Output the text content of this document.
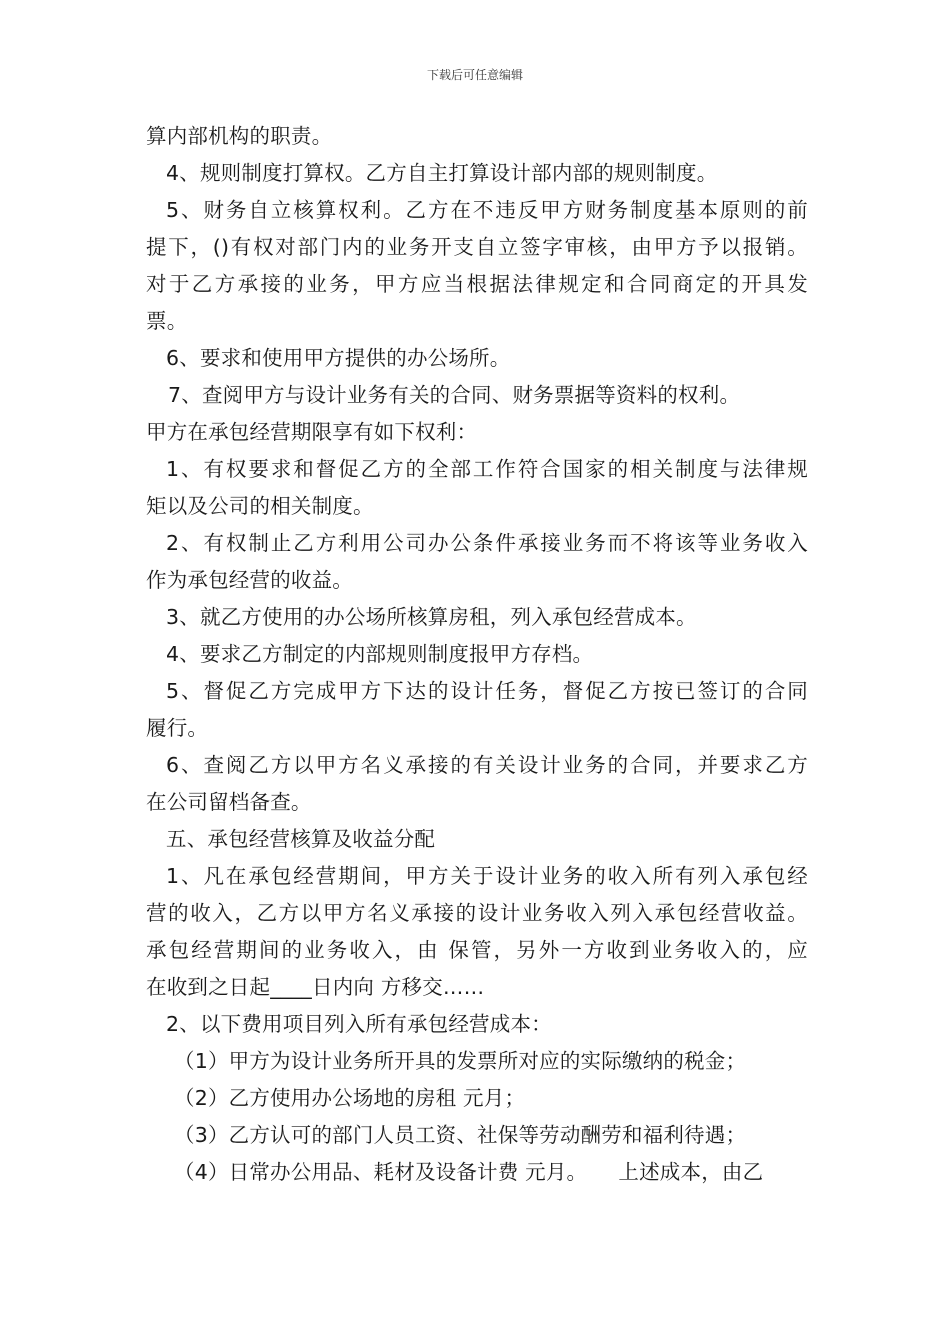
下载后可任意编辑
算内部机构的职责。
4、规则制度打算权。乙方自主打算设计部内部的规则制度。
5、财务自立核算权利。乙方在不违反甲方财务制度基本原则的前
提下，()有权对部门内的业务开支自立签字审核，由甲方予以报销。
对于乙方承接的业务，甲方应当根据法律规定和合同商定的开具发
票。
6、要求和使用甲方提供的办公场所。
7、查阅甲方与设计业务有关的合同、财务票据等资料的权利。
甲方在承包经营期限享有如下权利：
1、有权要求和督促乙方的全部工作符合国家的相关制度与法律规
矩以及公司的相关制度。
2、有权制止乙方利用公司办公条件承接业务而不将该等业务收入
作为承包经营的收益。
3、就乙方使用的办公场所核算房租，列入承包经营成本。
4、要求乙方制定的内部规则制度报甲方存档。
5、督促乙方完成甲方下达的设计任务，督促乙方按已签订的合同
履行。
6、查阅乙方以甲方名义承接的有关设计业务的合同，并要求乙方
在公司留档备查。
五、承包经营核算及收益分配
1、凡在承包经营期间，甲方关于设计业务的收入所有列入承包经
营的收入，乙方以甲方名义承接的设计业务收入列入承包经营收益。
承包经营期间的业务收入，由 保管，另外一方收到业务收入的，应
在收到之日起____日内向 方移交……
2、以下费用项目列入所有承包经营成本：
（1）甲方为设计业务所开具的发票所对应的实际缴纳的税金；
（2）乙方使用办公场地的房租 元月；
（3）乙方认可的部门人员工资、社保等劳动酬劳和福利待遇；
（4）日常办公用品、耗材及设备计费 元月。　　上述成本，由乙
